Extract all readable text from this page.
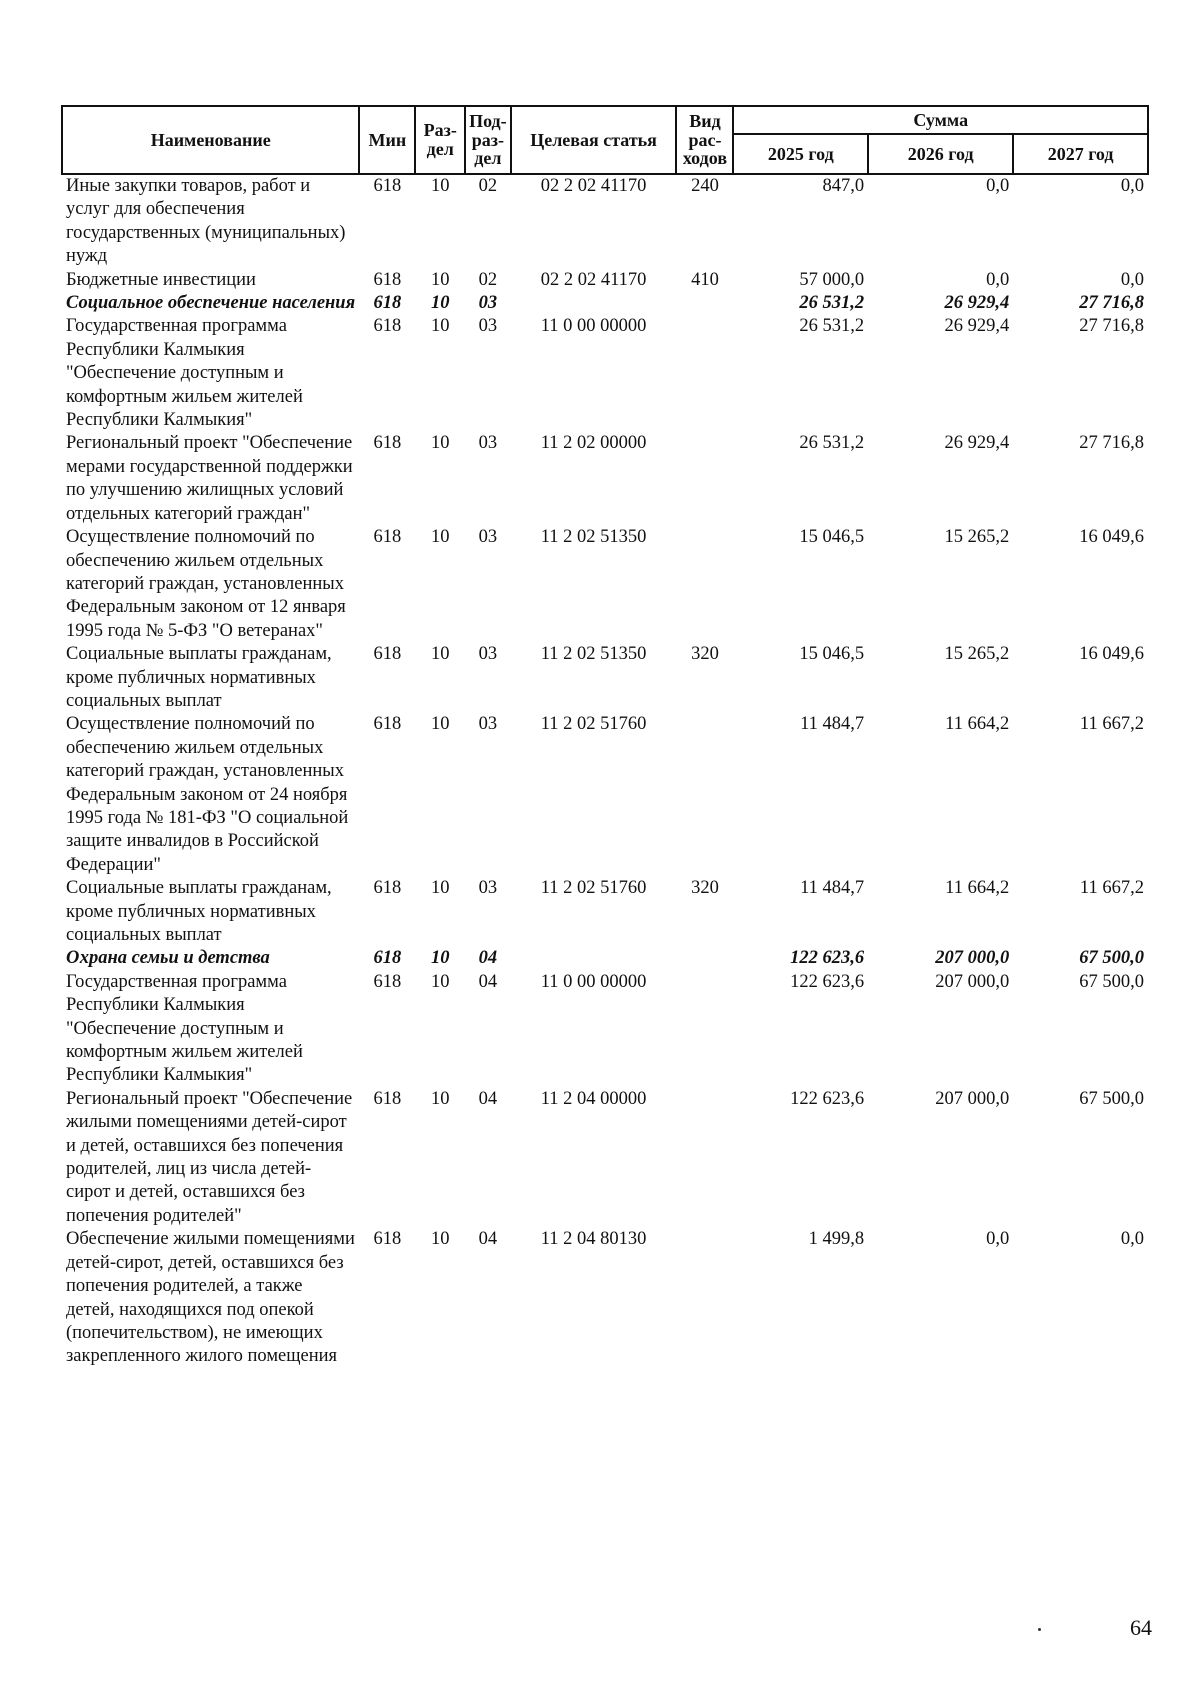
Наименование	Мин	Раз- дел	Под- раз- дел	Целевая статья	Вид рас- ходов	Сумма		
						2025 год	2026 год	2027 год
Иные закупки товаров, работ и услуг для обеспечения государственных (муниципальных) нужд	618	10	02	02 2 02 41170	240	847,0	0,0	0,0
Бюджетные инвестиции	618	10	02	02 2 02 41170	410	57 000,0	0,0	0,0
Социальное обеспечение населения	618	10	03			26 531,2	26 929,4	27 716,8
Государственная программа Республики Калмыкия "Обеспечение доступным и комфортным жильем жителей Республики Калмыкия"	618	10	03	11 0 00 00000		26 531,2	26 929,4	27 716,8
Региональный проект "Обеспечение мерами государственной поддержки по улучшению жилищных условий отдельных категорий граждан"	618	10	03	11 2 02 00000		26 531,2	26 929,4	27 716,8
Осуществление полномочий по обеспечению жильем отдельных категорий граждан, установленных Федеральным законом от 12 января 1995 года № 5-ФЗ "О ветеранах"	618	10	03	11 2 02 51350		15 046,5	15 265,2	16 049,6
Социальные выплаты гражданам, кроме публичных нормативных социальных выплат	618	10	03	11 2 02 51350	320	15 046,5	15 265,2	16 049,6
Осуществление полномочий по обеспечению жильем отдельных категорий граждан, установленных Федеральным законом от 24 ноября 1995 года № 181-ФЗ "О социальной защите инвалидов в Российской Федерации"	618	10	03	11 2 02 51760		11 484,7	11 664,2	11 667,2
Социальные выплаты гражданам, кроме публичных нормативных социальных выплат	618	10	03	11 2 02 51760	320	11 484,7	11 664,2	11 667,2
Охрана семьи и детства	618	10	04			122 623,6	207 000,0	67 500,0
Государственная программа Республики Калмыкия "Обеспечение доступным и комфортным жильем жителей Республики Калмыкия"	618	10	04	11 0 00 00000		122 623,6	207 000,0	67 500,0
Региональный проект "Обеспечение жилыми помещениями детей-сирот и детей, оставшихся без попечения родителей, лиц из числа детей-сирот и детей, оставшихся без попечения родителей"	618	10	04	11 2 04 00000		122 623,6	207 000,0	67 500,0
Обеспечение жилыми помещениями детей-сирот, детей, оставшихся без попечения родителей, а также детей, находящихся под опекой (попечительством), не имеющих закрепленного жилого помещения	618	10	04	11 2 04 80130		1 499,8	0,0	0,0
64
